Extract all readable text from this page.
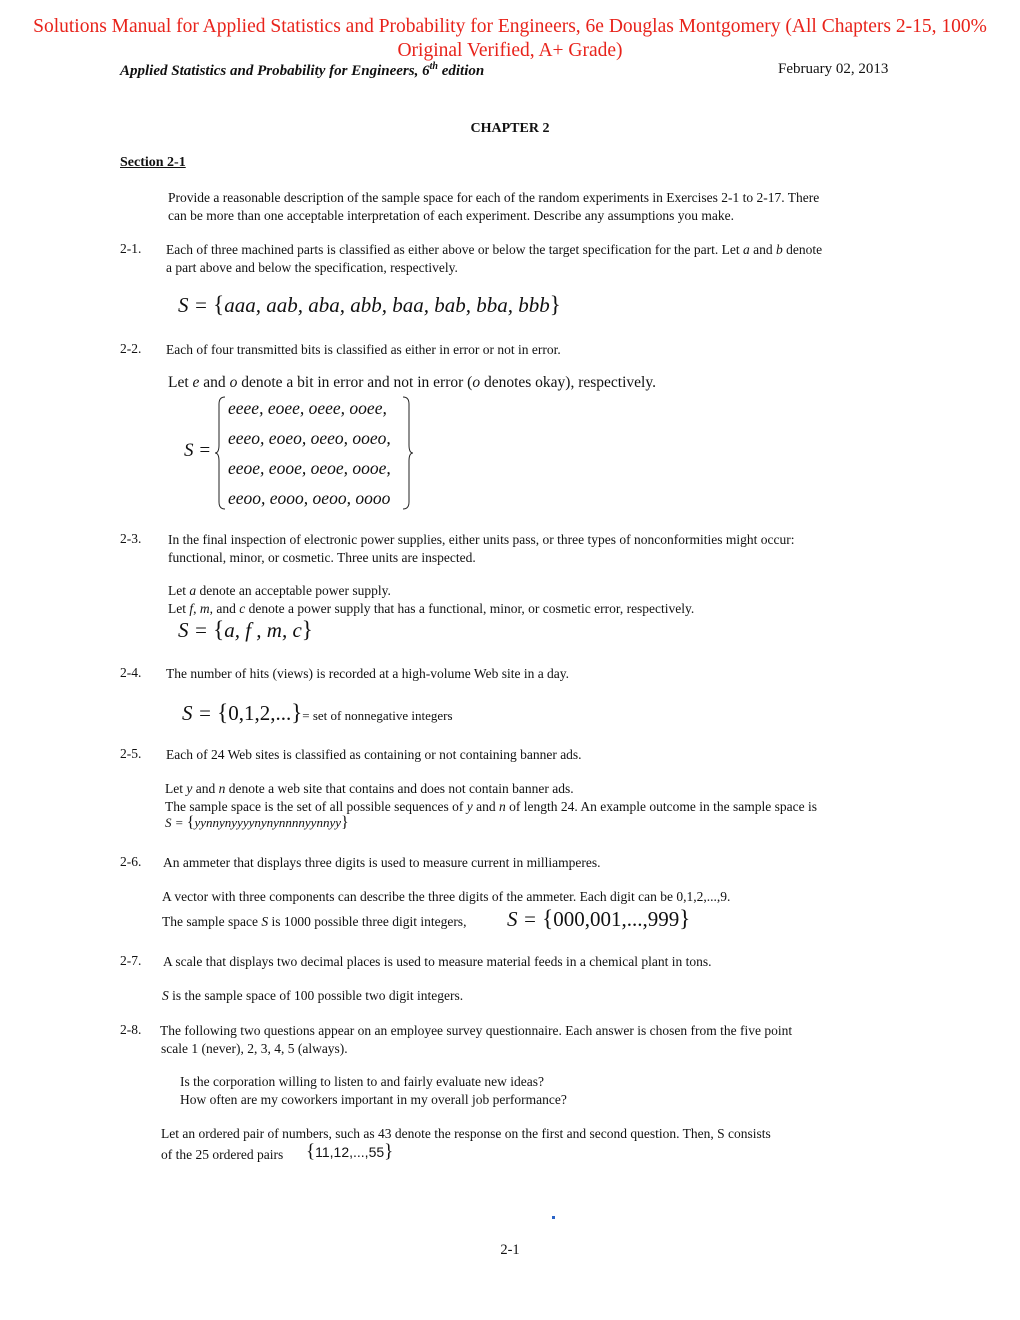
Solutions Manual for Applied Statistics and Probability for Engineers, 6e Douglas Montgomery (All Chapters 2-15, 100% Original Verified, A+ Grade)
Applied Statistics and Probability for Engineers, 6th edition	February 02, 2013
CHAPTER 2
Section 2-1
Provide a reasonable description of the sample space for each of the random experiments in Exercises 2-1 to 2-17. There
can be more than one acceptable interpretation of each experiment. Describe any assumptions you make.
2-1. Each of three machined parts is classified as either above or below the target specification for the part. Let a and b denote
a part above and below the specification, respectively.
S = {aaa, aab, aba, abb, baa, bab, bba, bbb}
2-2. Each of four transmitted bits is classified as either in error or not in error.
Let e and o denote a bit in error and not in error (o denotes okay), respectively.
S =
eeee, eoee, oeee, ooee,
eeeo, eoeo, oeeo, ooeo,
eeoe, eooe, oeoe, oooe,
eeoo, eooo, oeoo, oooo
2-3. In the final inspection of electronic power supplies, either units pass, or three types of nonconformities might occur:
functional, minor, or cosmetic. Three units are inspected.
Let a denote an acceptable power supply.
Let f, m, and c denote a power supply that has a functional, minor, or cosmetic error, respectively.
S = {a, f , m, c}
2-4. The number of hits (views) is recorded at a high-volume Web site in a day.
S = {0,1,2,...}= set of nonnegative integers
2-5. Each of 24 Web sites is classified as containing or not containing banner ads.
Let y and n denote a web site that contains and does not contain banner ads.
The sample space is the set of all possible sequences of y and n of length 24. An example outcome in the sample space is
S = {yynnynyyyynynynnnnyynnyy}
2-6. An ammeter that displays three digits is used to measure current in milliamperes.
A vector with three components can describe the three digits of the ammeter. Each digit can be 0,1,2,...,9.
The sample space S is 1000 possible three digit integers, S = {000,001,...,999}
2-7. A scale that displays two decimal places is used to measure material feeds in a chemical plant in tons.
S is the sample space of 100 possible two digit integers.
2-8. The following two questions appear on an employee survey questionnaire. Each answer is chosen from the five point
scale 1 (never), 2, 3, 4, 5 (always).
Is the corporation willing to listen to and fairly evaluate new ideas?
How often are my coworkers important in my overall job performance?
Let an ordered pair of numbers, such as 43 denote the response on the first and second question. Then, S consists
of the 25 ordered pairs {11,12,...,55}
2-1
